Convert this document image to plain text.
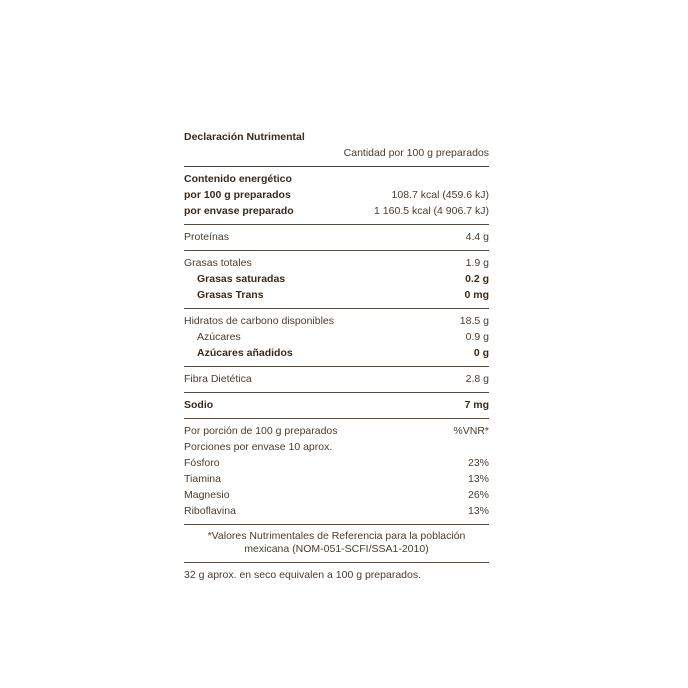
Declaración Nutrimental
Cantidad por 100 g preparados
Contenido energético
por 100 g preparados	108.7 kcal (459.6 kJ)
por envase preparado	1 160.5 kcal (4 906.7 kJ)
Proteínas	4.4 g
Grasas totales	1.9 g
Grasas saturadas	0.2 g
Grasas Trans	0 mg
Hidratos de carbono disponibles	18.5 g
Azúcares	0.9 g
Azúcares añadidos	0 g
Fibra Dietética	2.8 g
Sodio	7 mg
Por porción de 100 g preparados	%VNR*
Porciones por envase 10 aprox.
Fósforo	23%
Tiamina	13%
Magnesio	26%
Riboflavina	13%
*Valores Nutrimentales de Referencia para la población
mexicana (NOM-051-SCFI/SSA1-2010)
32 g aprox. en seco equivalen a 100 g preparados.
